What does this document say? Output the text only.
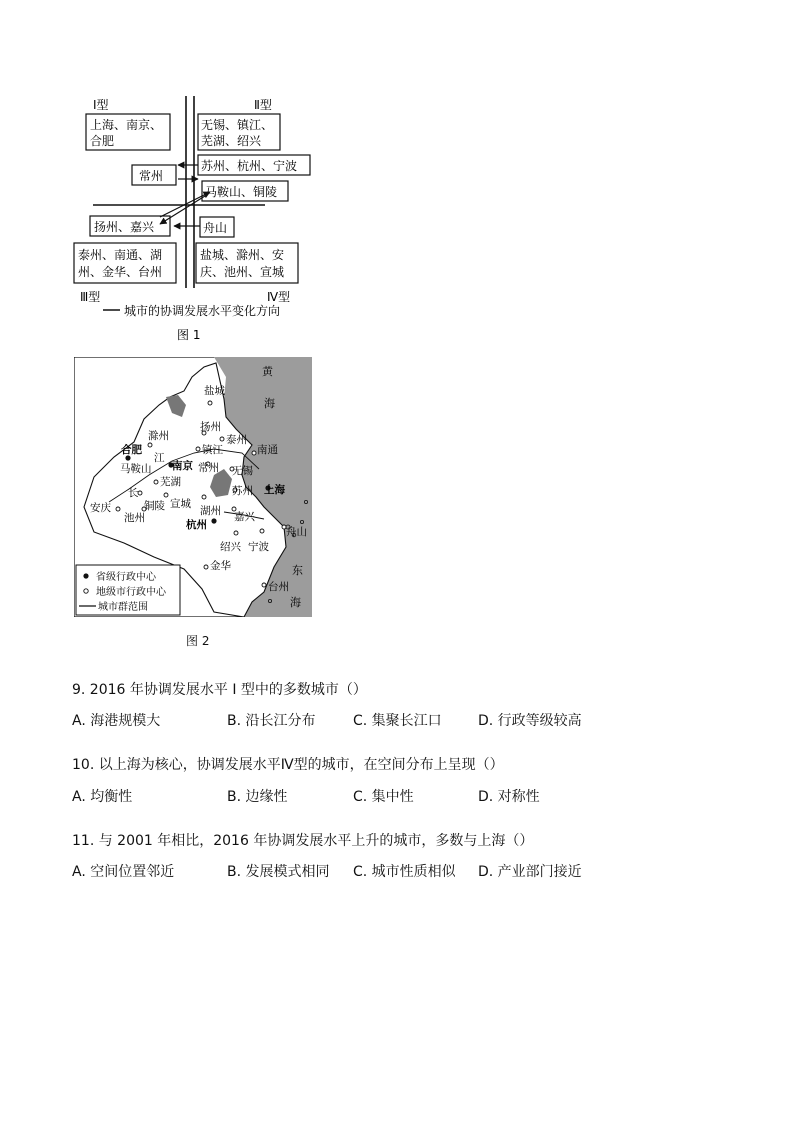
Ⅰ型	Ⅱ型
Ⅲ型	Ⅳ型
上海、南京、
合肥
无锡、镇江、
芜湖、绍兴
苏州、杭州、宁波
常州
马鞍山、铜陵
扬州、嘉兴	舟山
泰州、南通、湖
州、金华、台州
盐城、滁州、安
庆、池州、宣城
城市的协调发展水平变化方向
图 1
黄
海
东
海
盐城
扬州
泰州
滁州
合肥	镇江	南通
南京 常州 无锡
马鞍山
芜湖
苏州 上海
安庆	铜陵 宣城
池州
湖州 嘉兴
杭州
舟山
绍兴 宁波
金华
台州
江
长
省级行政中心
地级市行政中心
城市群范围
图 2
9. 2016 年协调发展水平 Ⅰ 型中的多数城市（）
A. 海港规模大	B. 沿长江分布	C. 集聚长江口	D. 行政等级较高
10. 以上海为核心，协调发展水平Ⅳ型的城市，在空间分布上呈现（）
A. 均衡性	B. 边缘性	C. 集中性	D. 对称性
11. 与 2001 年相比，2016 年协调发展水平上升的城市，多数与上海（）
A. 空间位置邻近	B. 发展模式相同 C. 城市性质相似 D. 产业部门接近
